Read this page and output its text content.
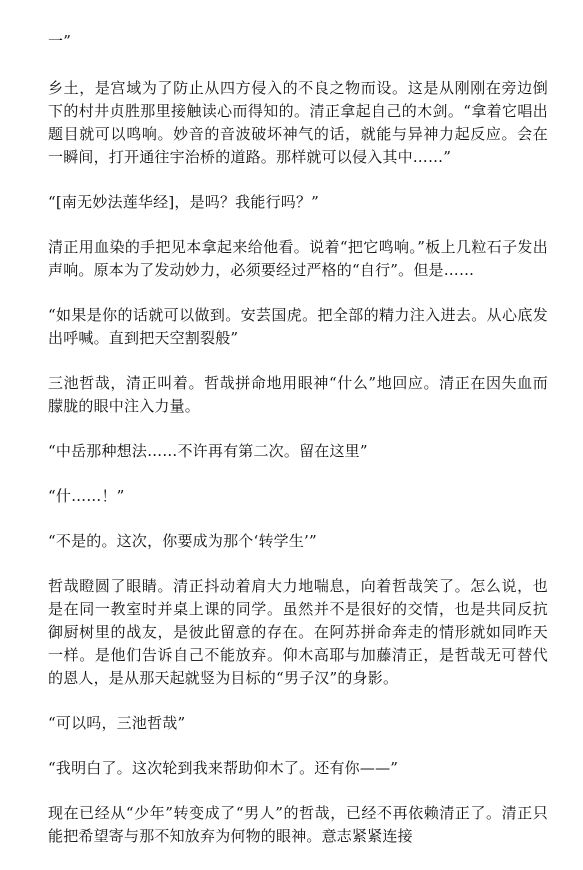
一”

乡土，是宫域为了防止从四方侵入的不良之物而设。这是从刚刚在旁边倒下的村井贞胜那里接触读心而得知的。清正拿起自己的木剑。“拿着它唱出题目就可以鸣响。妙音的音波破坏神气的话，就能与异神力起反应。会在一瞬间，打开通往宇治桥的道路。那样就可以侵入其中……”

“[南无妙法莲华经]，是吗？我能行吗？”

清正用血染的手把见本拿起来给他看。说着“把它鸣响。”板上几粒石子发出声响。原本为了发动妙力，必须要经过严格的“自行”。但是……

“如果是你的话就可以做到。安芸国虎。把全部的精力注入进去。从心底发出呼喊。直到把天空割裂般”

三池哲哉，清正叫着。哲哉拼命地用眼神“什么”地回应。清正在因失血而朦胧的眼中注入力量。

“中岳那种想法……不许再有第二次。留在这里”

“什……！”

“不是的。这次，你要成为那个‘转学生’”

哲哉瞪圆了眼睛。清正抖动着肩大力地喘息，向着哲哉笑了。怎么说，也是在同一教室时并桌上课的同学。虽然并不是很好的交情，也是共同反抗御厨树里的战友，是彼此留意的存在。在阿苏拼命奔走的情形就如同昨天一样。是他们告诉自己不能放弃。仰木高耶与加藤清正，是哲哉无可替代的恩人，是从那天起就竖为目标的“男子汉”的身影。

“可以吗，三池哲哉”

“我明白了。这次轮到我来帮助仰木了。还有你——”

现在已经从“少年”转变成了“男人”的哲哉，已经不再依赖清正了。清正只能把希望寄与那不知放弃为何物的眼神。意志紧紧连接
